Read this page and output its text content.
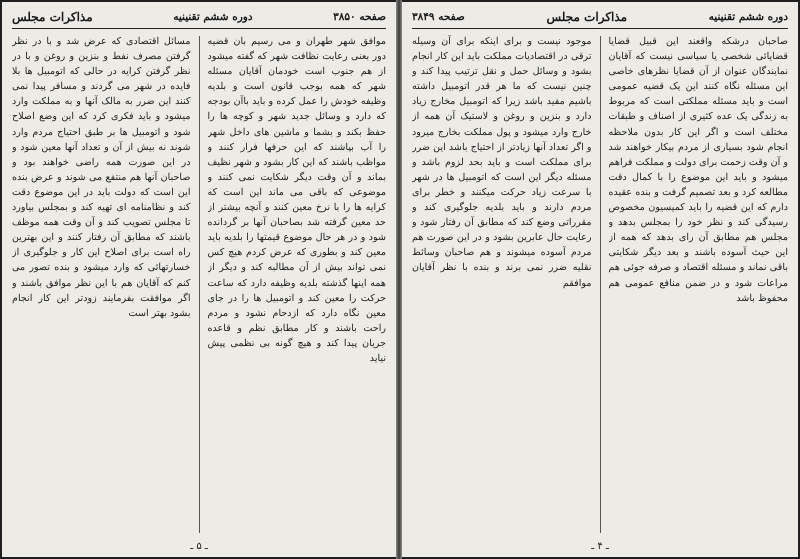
صفحه ۳۸۵۰
دوره ششم تقنینیه
مذاکرات مجلس
موافق شهر طهران و می رسیم بان قضیه دور بعنی رعایت نظافت شهر که گفته میشود از هم جنوب است خودمان آقایان مسئله شهر که همه بوجب قانون است و بلدیه وظیفه خودش را عمل کرده و باید باآن بودجه که دارد و وسائل جدید شهر و کوچه ها را حفظ بکند و بشما و ماشین های داخل شهر را آب بپاشند که این حرفها فرار کنند و مواظب باشند که این کار بشود و شهر نظیف بماند و آن وقت دیگر شکایت نمی کنند و موضوعی که باقی می ماند این است که کرایه ها را با نرخ معین کنند و آنچه بیشتر از حد معین گرفته شد بصاحبان آنها بر گردانده شود و در هر حال موضوع قیمتها را بلدیه باید معین کند و بطوری که عرض کردم هیچ کس نمی تواند بیش از آن مطالبه کند و دیگر از همه اینها گذشته بلدیه وظیفه دارد که ساعت حرکت را معین کند و اتومبیل ها را در جای معین نگاه دارد که ازدحام نشود و مردم راحت باشند و کار مطابق نظم و قاعده جریان پیدا کند و هیچ گونه بی نظمی پیش نیاید
مسائل اقتصادی که عرض شد و با در نظر گرفتن مصرف نفط و بنزین و روغن و با در نظر گرفتن کرایه در حالی که اتومبیل ها بلا فایده در شهر می گردند و مسافر پیدا نمی کنند این ضرر به مالک آنها و به مملکت وارد میشود و باید فکری کرد که این وضع اصلاح شود و اتومبیل ها بر طبق احتیاج مردم وارد شوند نه بیش از آن و تعداد آنها معین شود و در این صورت همه راضی خواهند بود و صاحبان آنها هم منتفع می شوند و عرض بنده این است که دولت باید در این موضوع دقت کند و نظامنامه ای تهیه کند و بمجلس بیاورد تا مجلس تصویب کند و آن وقت همه موظف باشند که مطابق آن رفتار کنند و این بهترین راه است برای اصلاح این کار و جلوگیری از خسارتهائی که وارد میشود و بنده تصور می کنم که آقایان هم با این نظر موافق باشند و اگر موافقت بفرمایند زودتر این کار انجام بشود بهتر است
ـ ۵ ـ
دوره ششم تقنینیه
مذاکرات مجلس
صفحه ۳۸۴۹
صاحبان درشکه واقعند این قبیل قضایا قضایائی شخصی یا سیاسی نیست که آقایان نمایندگان عنوان از آن قضایا نظرهای خاصی این مسئله نگاه کنند این یک قضیه عمومی است و باید مسئله مملکتی است که مربوط به زندگی یک عده کثیری از اصناف و طبقات مختلف است و اگر این کار بدون ملاحظه انجام شود بسیاری از مردم بیکار خواهند شد و آن وقت زحمت برای دولت و مملکت فراهم میشود و باید این موضوع را با کمال دقت مطالعه کرد و بعد تصمیم گرفت و بنده عقیده دارم که این قضیه را باید کمیسیون مخصوص رسیدگی کند و نظر خود را بمجلس بدهد و مجلس هم مطابق آن رای بدهد که همه از این حیث آسوده باشند و بعد دیگر شکایتی باقی نماند و مسئله اقتصاد و صرفه جوئی هم مراعات شود و در ضمن منافع عمومی هم محفوظ باشد
موجود نیست و برای اینکه برای آن وسیله ترقی در اقتصادیات مملکت باید این کار انجام بشود و وسائل حمل و نقل ترتیب پیدا کند و چنین نیست که ما هر قدر اتومبیل داشته باشیم مفید باشد زیرا که اتومبیل مخارج زیاد دارد و بنزین و روغن و لاستیک آن همه از خارج وارد میشود و پول مملکت بخارج میرود و اگر تعداد آنها زیادتر از احتیاج باشد این ضرر برای مملکت است و باید بحد لزوم باشد و مسئله دیگر این است که اتومبیل ها در شهر با سرعت زیاد حرکت میکنند و خطر برای مردم دارند و باید بلدیه جلوگیری کند و مقرراتی وضع کند که مطابق آن رفتار شود و رعایت حال عابرین بشود و در این صورت هم مردم آسوده میشوند و هم صاحبان وسائط نقلیه ضرر نمی برند و بنده با نظر آقایان موافقم
ـ ۴ ـ
